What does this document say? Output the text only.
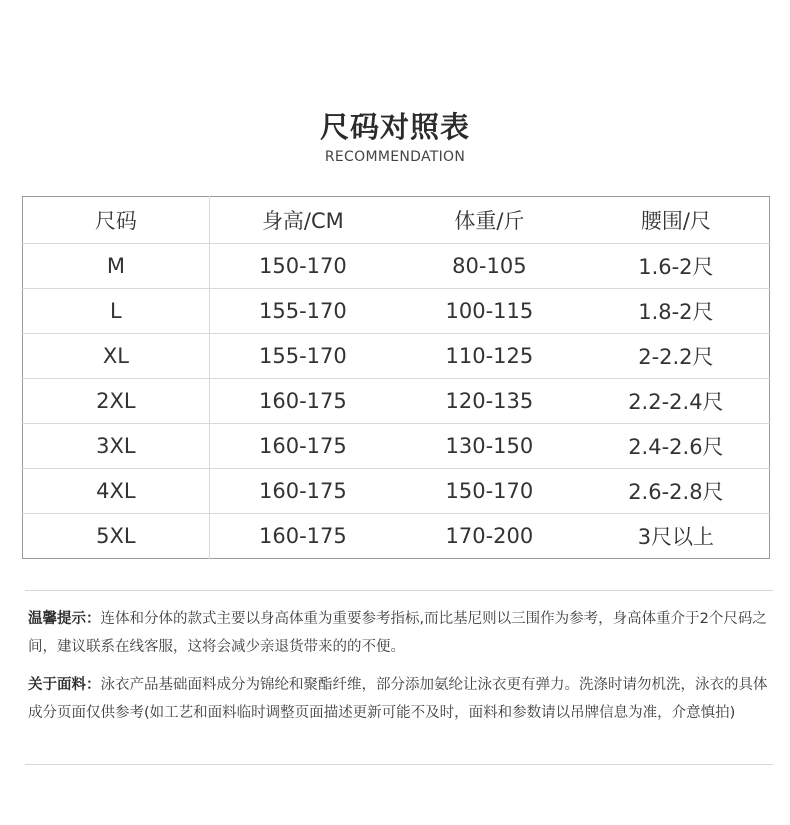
尺码对照表
RECOMMENDATION
尺码	身高/CM	体重/斤	腰围/尺
M	150-170	80-105	1.6-2尺
L	155-170	100-115	1.8-2尺
XL	155-170	110-125	2-2.2尺
2XL	160-175	120-135	2.2-2.4尺
3XL	160-175	130-150	2.4-2.6尺
4XL	160-175	150-170	2.6-2.8尺
5XL	160-175	170-200	3尺以上

温馨提示：连体和分体的款式主要以身高体重为重要参考指标,而比基尼则以三围作为参考，身高体重介于2个尺码之间，建议联系在线客服，这将会减少亲退货带来的的不便。

关于面料：泳衣产品基础面料成分为锦纶和聚酯纤维，部分添加氨纶让泳衣更有弹力。洗涤时请勿机洗，泳衣的具体成分页面仅供参考(如工艺和面料临时调整页面描述更新可能不及时，面料和参数请以吊牌信息为准，介意慎拍)
